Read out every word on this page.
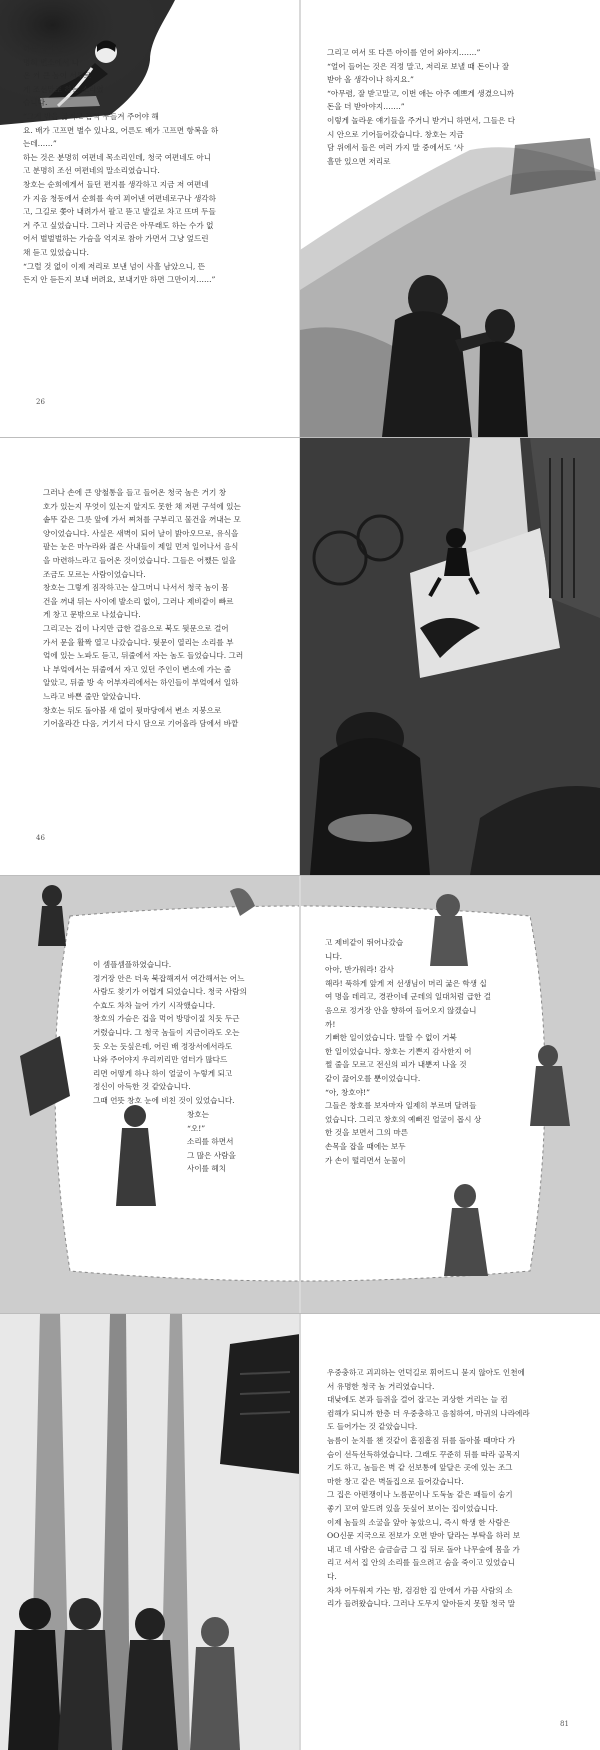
하는 것이 분

명히 변소에서 나

온 커 큰 놈이 서투르

게 조선말로 하는 소리였

습니다.

“그게 밤을 굶거고 흠뻑 두들겨 주어야 해

요. 배가 고프면 별수 있나요, 어른도 배가 고프면 항복을 하

는데……”

하는 것은 분명히 여편네 목소리인데, 청국 여편네도 아니

고 분명히 조선 여편네의 말소리였습니다.

창호는 순희에게서 들던 편지를 생각하고 지금 저 여편네

가 지음 청동에서 순희를 속여 꾀어낸 여편네로구나 생각하

고, 그길로 쫓아 내려가서 팔고 뜯고 발길로 차고 뜨며 두들

겨 주고 싶었습니다. 그러나 지금은 아무래도 하는 수가 없

어서 벌벌벌하는 가슴을 억지로 참아 가면서 그냥 엎드린

채 듣고 있었습니다.

“그럴 것 없이 이제 저리로 보낸 넘이 사흘 남았으니, 뜬

든지 안 듣든지 보내 버려요, 보내기만 하면 그만이지……”

26

그리고 여서 또 다른 아이를 얻어 와야지…….”

“얼어 들어는 것은 걱정 말고, 저리로 보낼 때 돈이나 잘

받아 올 생각이나 하지요.”

“아무렴, 잘 받고말고, 이번 애는 아주 예쁘게 생겼으니까

돈을 더 받아야지…….”

이렇게 놀라운 얘기들을 주거니 받거니 하면서, 그들은 다

시 안으로 기어들어갔습니다. 창호는 지금

담 위에서 들은 여러 가지 말 중에서도 ‘사

흘만 있으면 저리로

그러나 손에 큰 양철통을 들고 들어온 청국 놈은 거기 창

호가 있는지 무엇이 있는지 알지도 못한 채 저편 구석에 있는

솥뚜 같은 그릇 앞에 가서 쪄쳐를 구부리고 물건을 꺼내는 모

양이었습니다. 사실은 새벽이 되어 날이 밝아오므로, 유식을

팔는 눈은 마누라와 젊은 사내들이 제일 먼저 일어나서 음식

을 마련하느라고 들어온 것이었습니다. 그들은 어쨌든 일을

조금도 모르는 사람이었습니다.

창호는 그렇게 짐작하고는 살그머니 나서서 청국 놈이 몸

건을 꺼내 뒤는 사이에 발소리 없이, 그러나 제비같이 빠르

게 창고 문밖으로 나섰습니다.

그리고는 겁이 나지만 급한 걸음으로 북도 뒷문으로 걸어

가서 문을 활짝 열고 나갔습니다. 뒷문이 열리는 소리를 부

엌에 있는 노파도 듣고, 뒤줄에서 자는 놈도 들었습니다. 그러

나 부엌에서는 뒤줄에서 자고 있던 주인이 변소에 가는 줄

알았고, 뒤줄 방 속 어부자리에서는 하인들이 부엌에서 일하

느라고 바쁜 줄만 알았습니다.

창호는 뒤도 돌아볼 새 없이 뒷마당에서 변소 지붕으로

기어올라간 다음, 거기서 다시 담으로 기어올라 담에서 바깥

46

이 셈플셈플하였습니다.

정거장 안은 더욱 북잡해져서 여간해서는 어느

사람도 찾기가 어렵게 되었습니다. 청국 사람의

수효도 차차 늘어 가기 시작했습니다.

창호의 가슴은 겁을 먹어 방망이질 치듯 두근

거렸습니다. 그 청국 놈들이 지금이라도 오는

듯 오는 듯싶은데, 어린 배 정장서에서라도

나와 주어야지 우리끼리만 엄터가 많다드

리면 어떻게 하나 하이 얼굴이 누렇게 되고

정신이 아득한 것 같았습니다.

그때 언뜻 창호 눈에 비친 것이 있었습니다.

창호는

“오!”

소리를 하면서

그 많은 사람을

사이를 헤치

고 제비같이 뛰어나갔습

니다.

아아, 반가워라! 감사

해라! 푹하게 앞게 저 선생님이 머리 굶은 학생 십

여 명을 데리고, 경관이네 군데의 일대처럼 급한 걸

음으로 정거장 안을 향하여 들어오지 않겠습니

까!

기뻐한 일이었습니다. 말할 수 없이 거북

한 일이었습니다. 창호는 기쁜지 감사한지 어

쩔 줄을 모르고 전신의 피가 내뿐져 나올 것

같이 끓어오를 뿐이었습니다.

“아, 창호야!”

그들은 창호를 보자마자 일제히 부르며 달려들

었습니다. 그리고 창호의 예뻐진 얼굴이 몹시 상

한 것을 보면서 그의 마른

손목을 잡을 때에는 보두

가 손이 떨리면서 눈물이

우중충하고 괴괴하는 언덕길로 휘어드니 묻지 않아도 인천에

서 유명한 청국 놈 거리였습니다.

대낮에도 본과 들쥐을 걸어 잡고는 괴상한 거리는 늘 컴

컴해가 되니까 한층 더 우중충하고 음침하여, 마귀의 나라에라

도 들어가는 것 같았습니다.

늠름이 눈치를 챈 것같이 흠짐흠짐 뒤를 돌아볼 때마다 가

슴이 선득선득하였습니다. 그래도 꾸준히 뒤를 따라 골목지

기도 하고, 놈들은 벽 같 선보통에 앞달은 곳에 있는 조그

마한 창고 같은 벽돌집으로 들어갔습니다.

그 집은 아편쟁이나 노름꾼이나 도둑놈 같은 패들이 숨기

좋기 꼬여 앞드려 있을 듯싶어 보이는 집이었습니다.

이제 놈들의 소굴을 앞아 놓았으니, 즉시 학생 한 사람은

OO신문 지국으로 전보가 오면 받아 달라는 부탁을 하러 보

내고 네 사람은 슬금슬금 그 집 뒤로 돌아 나무숲에 몸을 가

리고 서서 집 안의 소리를 들으려고 숨을 죽이고 있었습니

다.

차차 어두워져 가는 밤, 검검한 집 안에서 가끔 사람의 소

리가 들려왔습니다. 그러나 도무지 알아듣지 못할 청국 말

81
